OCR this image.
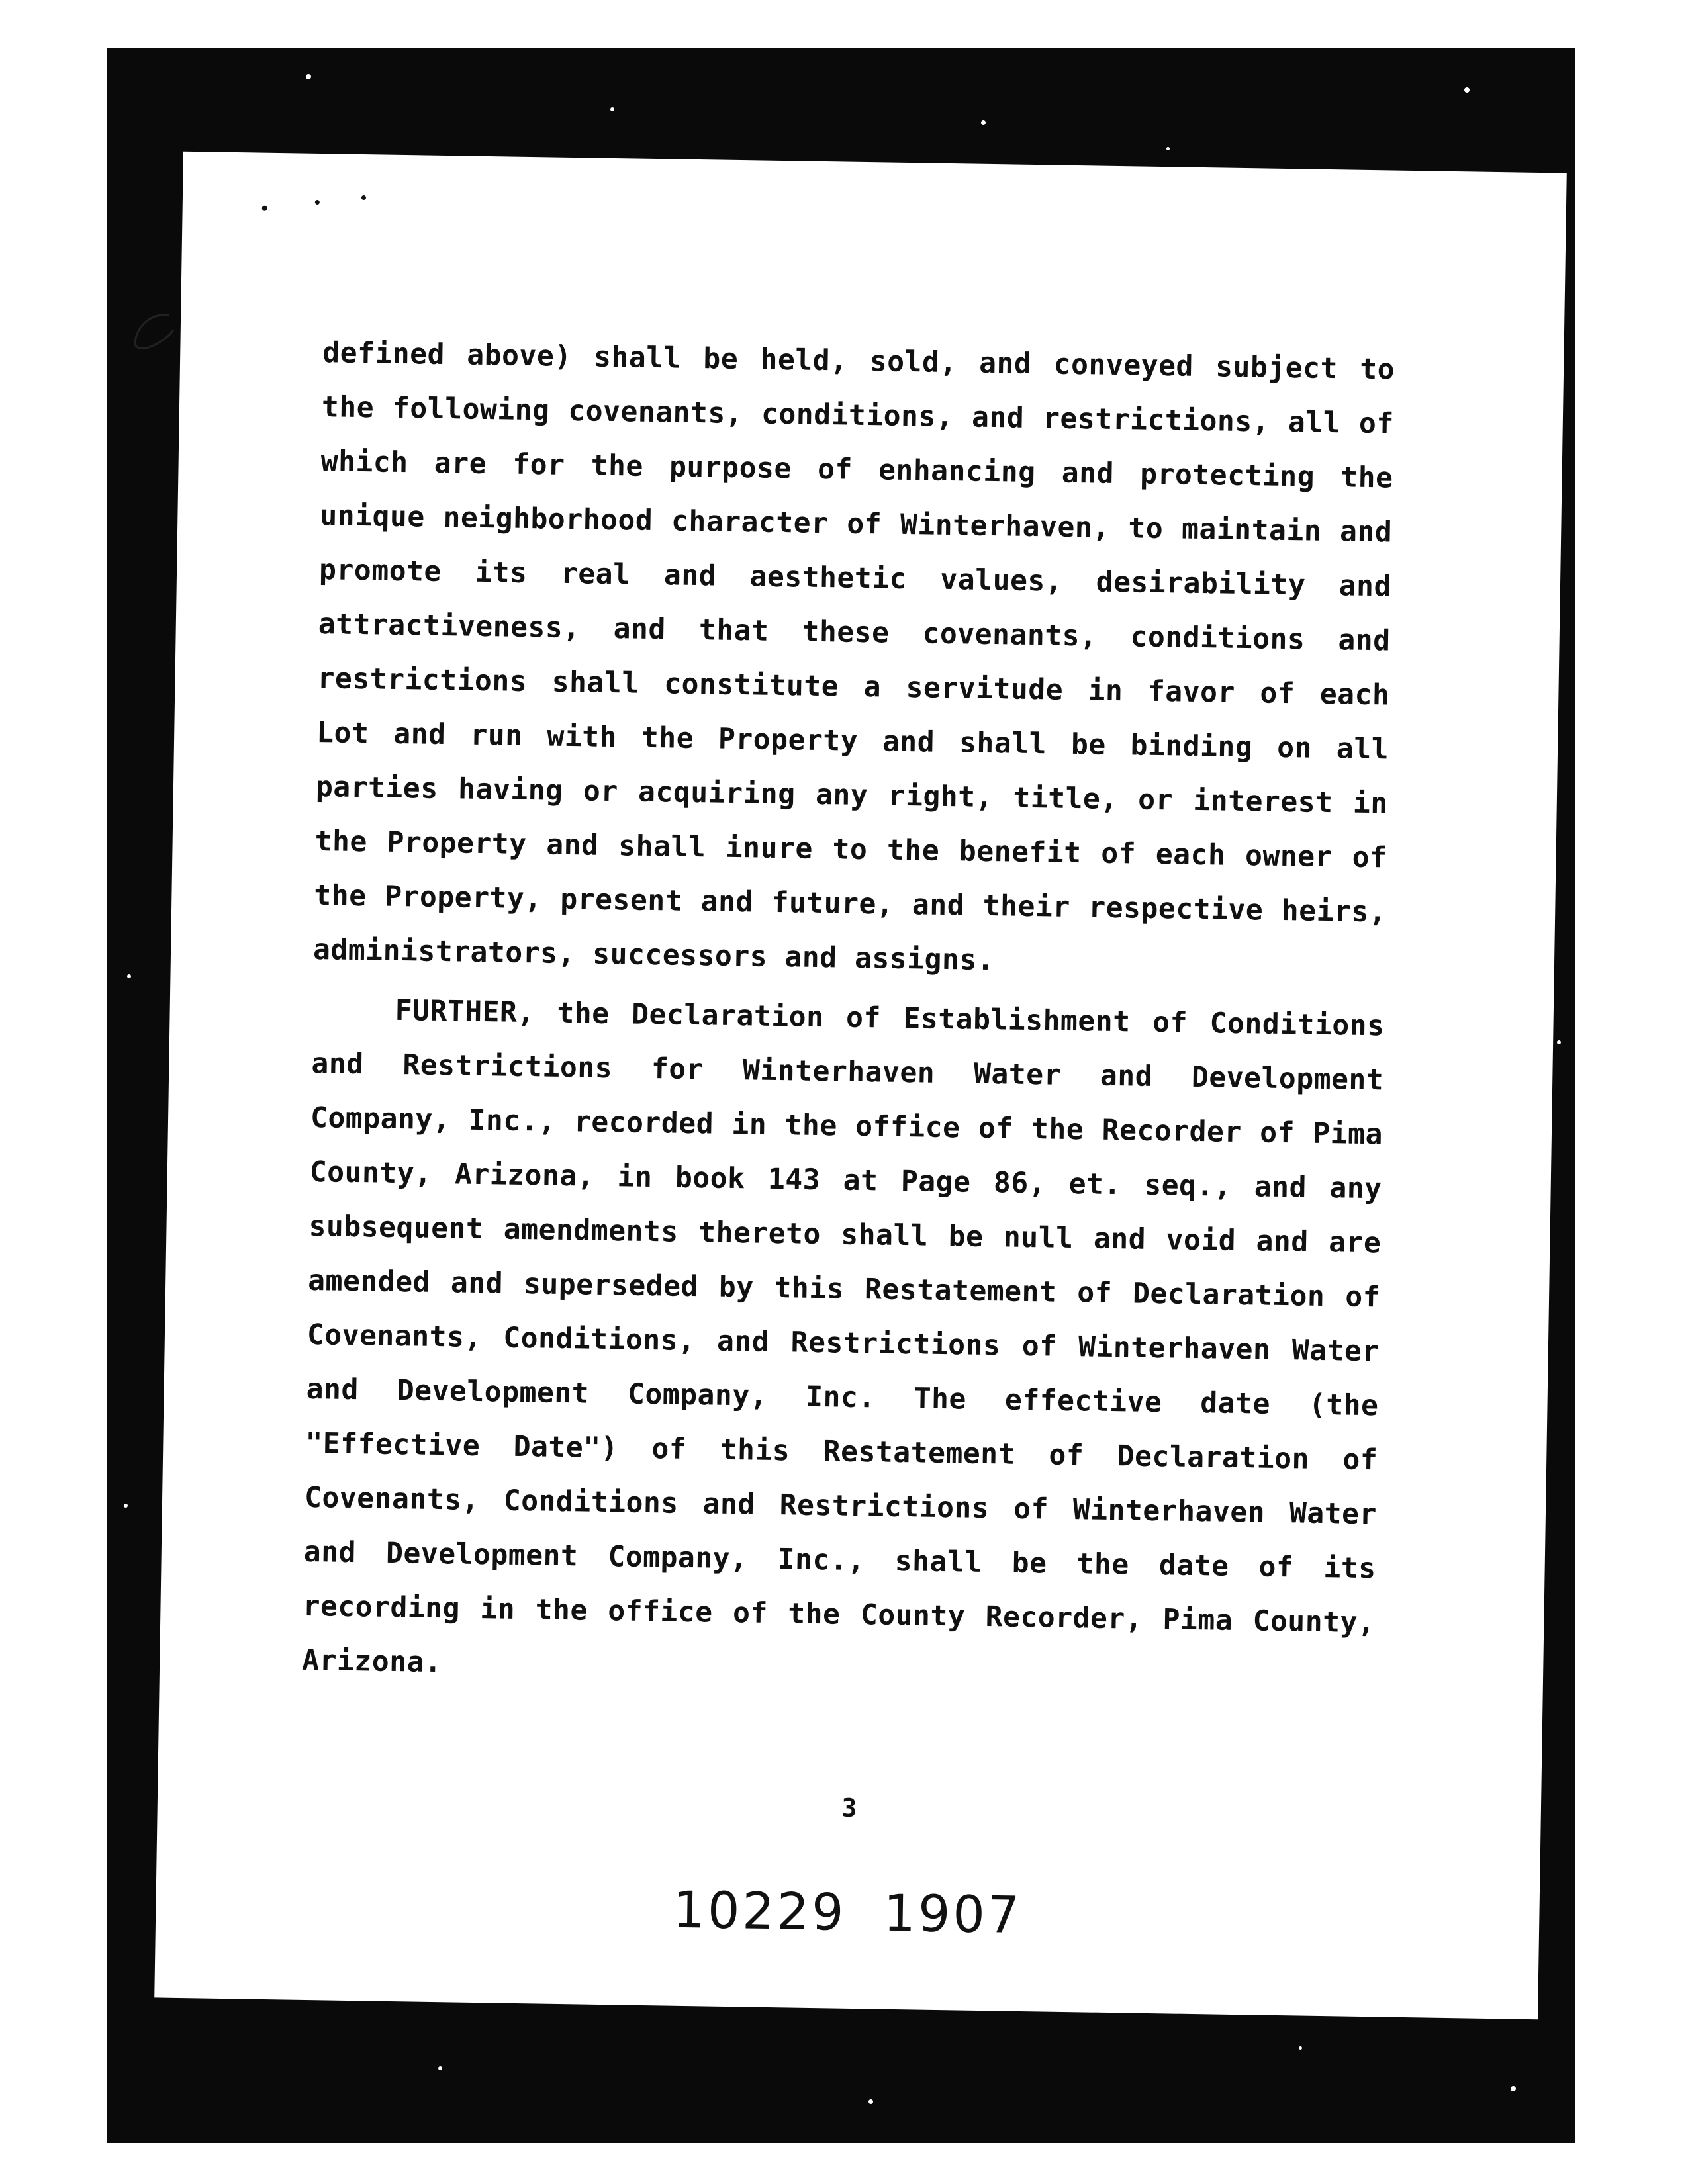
defined above) shall be held, sold, and conveyed subject to the following covenants, conditions, and restrictions, all of which are for the purpose of enhancing and protecting the unique neighborhood character of Winterhaven, to maintain and promote its real and aesthetic values, desirability and attractiveness, and that these covenants, conditions and restrictions shall constitute a servitude in favor of each Lot and run with the Property and shall be binding on all parties having or acquiring any right, title, or interest in the Property and shall inure to the benefit of each owner of the Property, present and future, and their respective heirs, administrators, successors and assigns.

FURTHER, the Declaration of Establishment of Conditions and Restrictions for Winterhaven Water and Development Company, Inc., recorded in the office of the Recorder of Pima County, Arizona, in book 143 at Page 86, et. seq., and any subsequent amendments thereto shall be null and void and are amended and superseded by this Restatement of Declaration of Covenants, Conditions, and Restrictions of Winterhaven Water and Development Company, Inc. The effective date (the "Effective Date") of this Restatement of Declaration of Covenants, Conditions and Restrictions of Winterhaven Water and Development Company, Inc., shall be the date of its recording in the office of the County Recorder, Pima County, Arizona.

3
10229  1907
